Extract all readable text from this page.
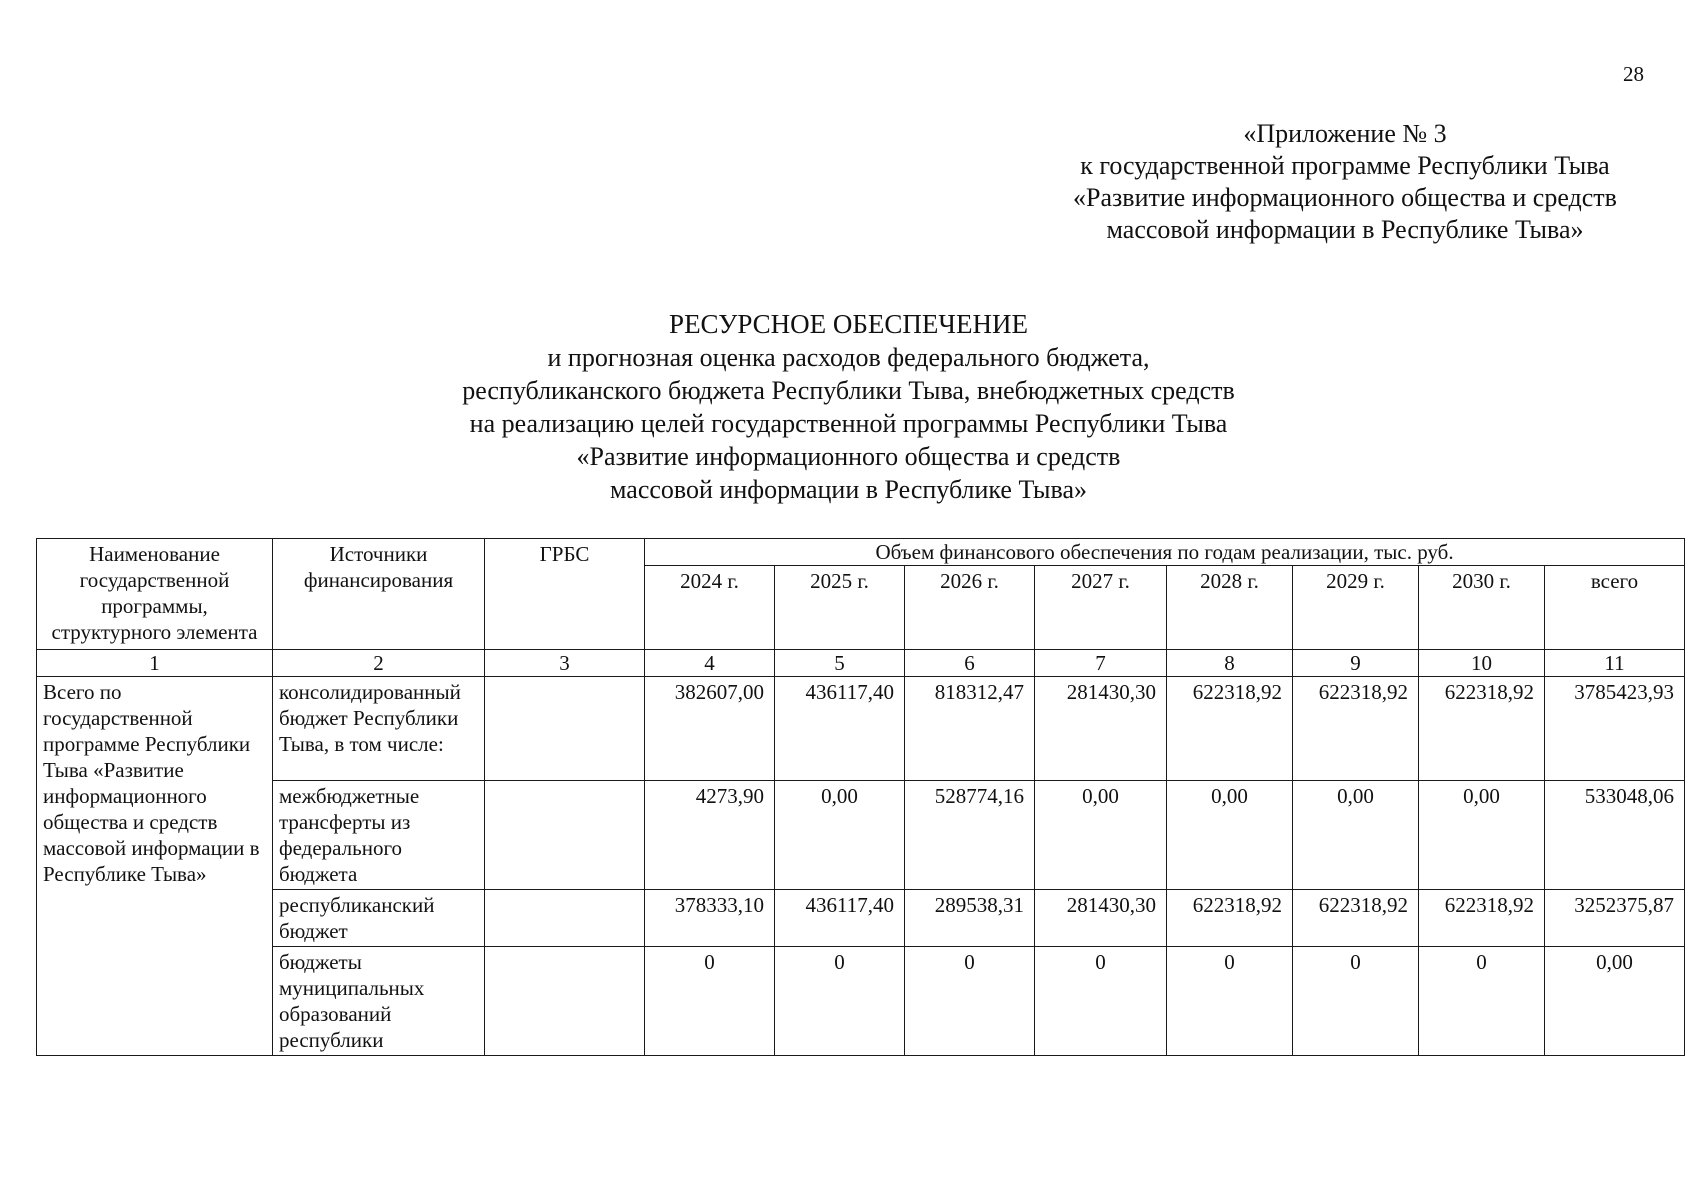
28
«Приложение № 3
к государственной программе Республики Тыва
«Развитие информационного общества и средств
массовой информации в Республике Тыва»
РЕСУРСНОЕ ОБЕСПЕЧЕНИЕ
и прогнозная оценка расходов федерального бюджета,
республиканского бюджета Республики Тыва, внебюджетных средств
на реализацию целей государственной программы Республики Тыва
«Развитие информационного общества и средств
массовой информации в Республике Тыва»
Наименование государственной программы, структурного элемента	Источники финансирования	ГРБС	Объем финансового обеспечения по годам реализации, тыс. руб.							
			2024 г.	2025 г.	2026 г.	2027 г.	2028 г.	2029 г.	2030 г.	всего
1	2	3	4	5	6	7	8	9	10	11
Всего по государственной программе Республики Тыва «Развитие информационного общества и средств массовой информации в Республике Тыва»	консолидированный бюджет Республики Тыва, в том числе:		382607,00	436117,40	818312,47	281430,30	622318,92	622318,92	622318,92	3785423,93
	межбюджетные трансферты из федерального бюджета		4273,90	0,00	528774,16	0,00	0,00	0,00	0,00	533048,06
	республиканский бюджет		378333,10	436117,40	289538,31	281430,30	622318,92	622318,92	622318,92	3252375,87
	бюджеты муниципальных образований республики		0	0	0	0	0	0	0	0,00
